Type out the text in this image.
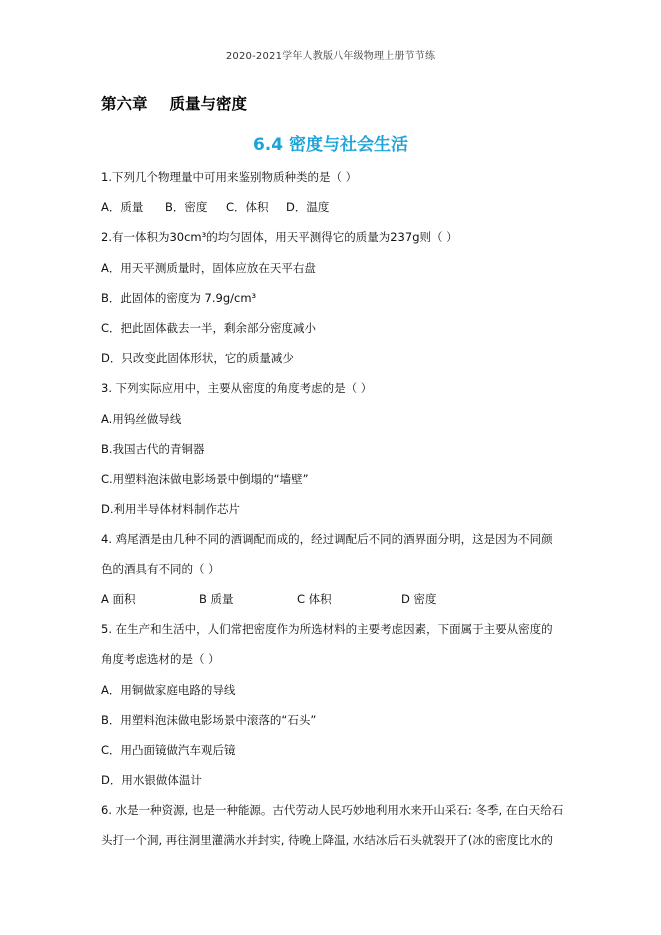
2020-2021学年人教版八年级物理上册节节练
第六章 质量与密度
6.4 密度与社会生活
1.下列几个物理量中可用来鉴别物质种类的是（ ）
A．质量 B．密度 C．体积 D．温度
2.有一体积为30cm³的均匀固体，用天平测得它的质量为237g则（ ）
A．用天平测质量时，固体应放在天平右盘
B．此固体的密度为 7.9g/cm³
C．把此固体截去一半，剩余部分密度减小
D．只改变此固体形状，它的质量减少
3. 下列实际应用中，主要从密度的角度考虑的是（ ）
A.用钨丝做导线
B.我国古代的青铜器
C.用塑料泡沫做电影场景中倒塌的“墙壁”
D.利用半导体材料制作芯片
4. 鸡尾酒是由几种不同的酒调配而成的，经过调配后不同的酒界面分明，这是因为不同颜
色的酒具有不同的（ ）
A 面积	B 质量	C 体积	D 密度
5. 在生产和生活中，人们常把密度作为所选材料的主要考虑因素，下面属于主要从密度的
角度考虑选材的是（ ）
A．用铜做家庭电路的导线
B．用塑料泡沫做电影场景中滚落的“石头”
C．用凸面镜做汽车观后镜
D．用水银做体温计
6. 水是一种资源, 也是一种能源。古代劳动人民巧妙地利用水来开山采石: 冬季, 在白天给石
头打一个洞, 再往洞里灌满水并封实, 待晚上降温, 水结冰后石头就裂开了(冰的密度比水的
